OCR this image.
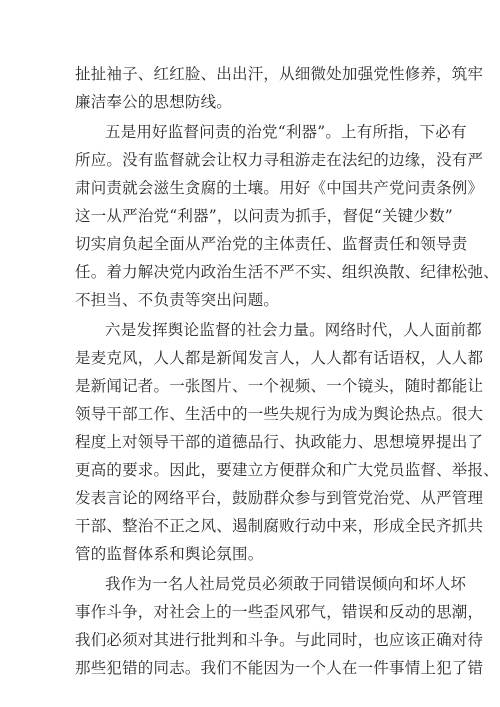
扯扯袖子、红红脸、出出汗，从细微处加强党性修养，筑牢
廉洁奉公的思想防线。
五是用好监督问责的治党“利器”。上有所指，下必有
所应。没有监督就会让权力寻租游走在法纪的边缘，没有严
肃问责就会滋生贪腐的土壤。用好《中国共产党问责条例》
这一从严治党“利器”，以问责为抓手，督促“关键少数”
切实肩负起全面从严治党的主体责任、监督责任和领导责
任。着力解决党内政治生活不严不实、组织涣散、纪律松弛、
不担当、不负责等突出问题。
六是发挥舆论监督的社会力量。网络时代，人人面前都
是麦克风，人人都是新闻发言人，人人都有话语权，人人都
是新闻记者。一张图片、一个视频、一个镜头，随时都能让
领导干部工作、生活中的一些失规行为成为舆论热点。很大
程度上对领导干部的道德品行、执政能力、思想境界提出了
更高的要求。因此，要建立方便群众和广大党员监督、举报、
发表言论的网络平台，鼓励群众参与到管党治党、从严管理
干部、整治不正之风、遏制腐败行动中来，形成全民齐抓共
管的监督体系和舆论氛围。
我作为一名人社局党员必须敢于同错误倾向和坏人坏
事作斗争，对社会上的一些歪风邪气，错误和反动的思潮，
我们必须对其进行批判和斗争。与此同时，也应该正确对待
那些犯错的同志。我们不能因为一个人在一件事情上犯了错
